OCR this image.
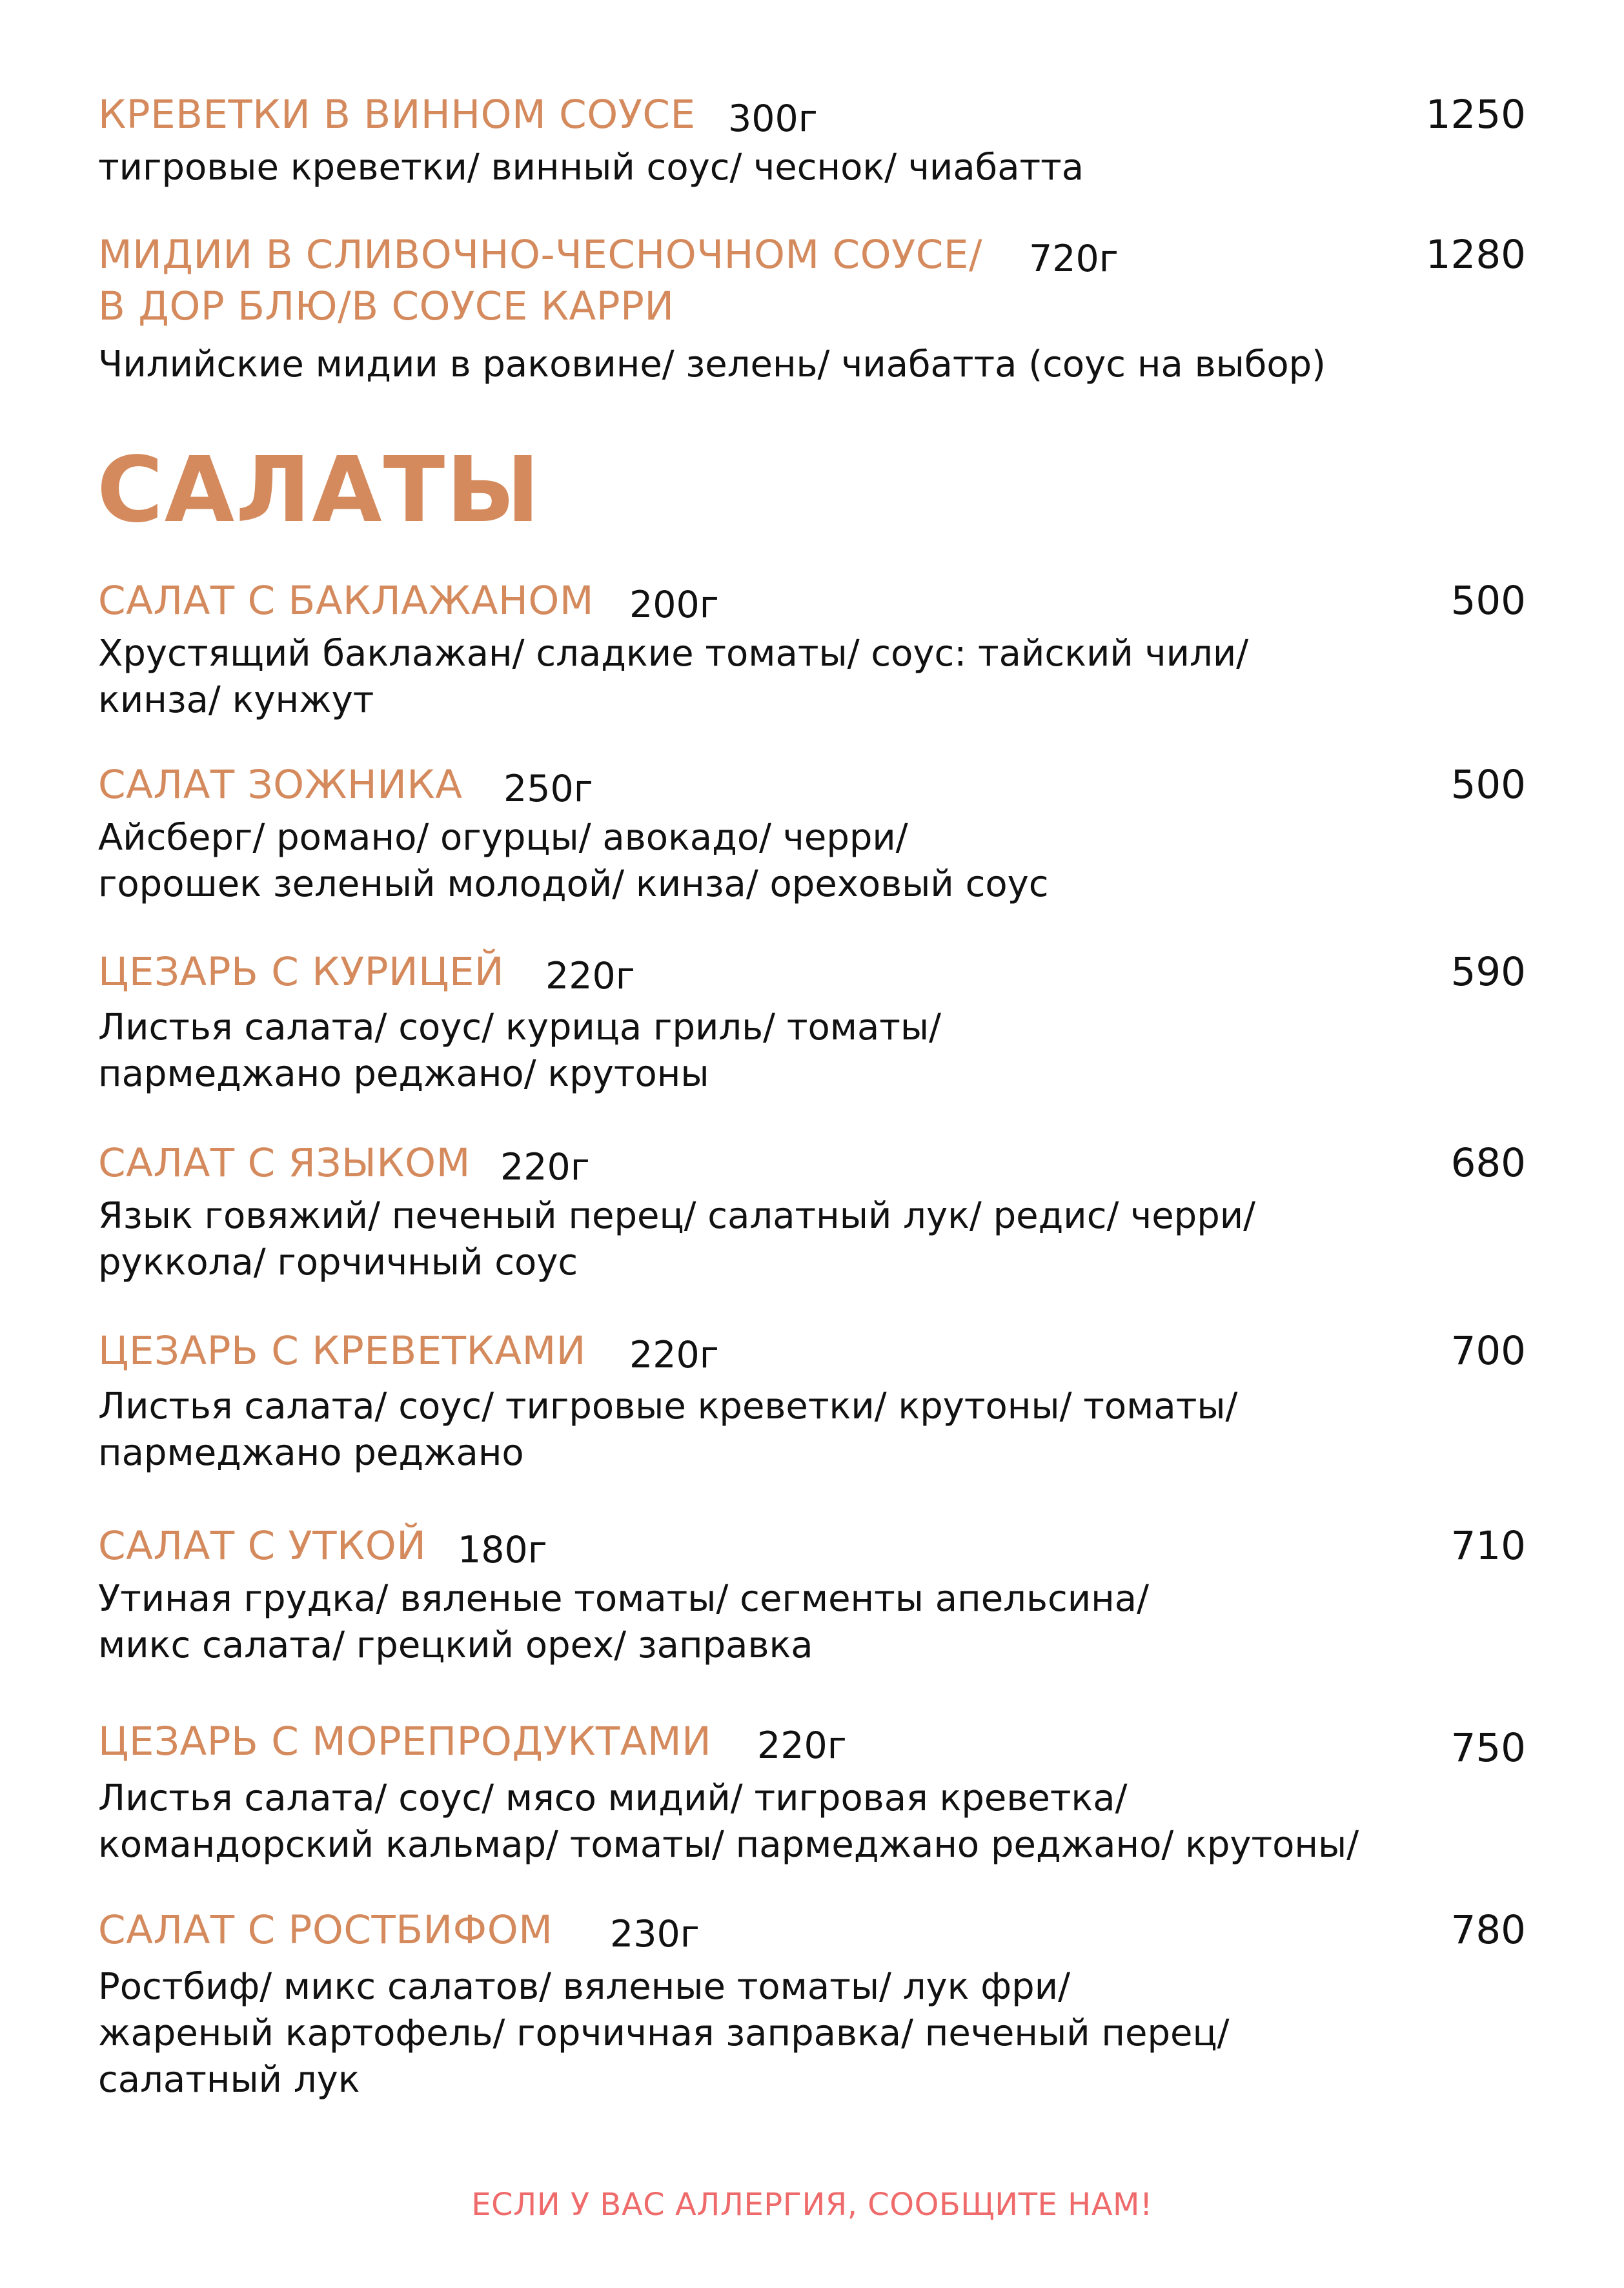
КРЕВЕТКИ В ВИННОМ СОУСЕ 300г	1250
тигровые креветки/ винный соус/ чеснок/ чиабатта
МИДИИ В СЛИВОЧНО-ЧЕСНОЧНОМ СОУСЕ/
В ДОР БЛЮ/В СОУСЕ КАРРИ
720г	1280
Чилийские мидии в раковине/ зелень/ чиабатта (соус на выбор)
САЛАТЫ
САЛАТ С БАКЛАЖАНОМ 200г	500
Хрустящий баклажан/ сладкие томаты/ соус: тайский чили/
кинза/ кунжут
САЛАТ ЗОЖНИКА 250г	500
Айсберг/ романо/ огурцы/ авокадо/ черри/
горошек зеленый молодой/ кинза/ ореховый соус
ЦЕЗАРЬ С КУРИЦЕЙ 220г	590
Листья салата/ соус/ курица гриль/ томаты/
пармеджано реджано/ крутоны
САЛАТ С ЯЗЫКОМ 220г	680
Язык говяжий/ печеный перец/ салатный лук/ редис/ черри/
руккола/ горчичный соус
ЦЕЗАРЬ С КРЕВЕТКАМИ 220г	700
Листья салата/ соус/ тигровые креветки/ крутоны/ томаты/
пармеджано реджано
САЛАТ С УТКОЙ 180г	710
Утиная грудка/ вяленые томаты/ сегменты апельсина/
микс салата/ грецкий орех/ заправка
ЦЕЗАРЬ С МОРЕПРОДУКТАМИ 220г	750
Листья салата/ соус/ мясо мидий/ тигровая креветка/
командорский кальмар/ томаты/ пармеджано реджано/ крутоны/
САЛАТ С РОСТБИФОМ 230г	780
Ростбиф/ микс салатов/ вяленые томаты/ лук фри/
жареный картофель/ горчичная заправка/ печеный перец/
салатный лук
ЕСЛИ У ВАС АЛЛЕРГИЯ, СООБЩИТЕ НАМ!
